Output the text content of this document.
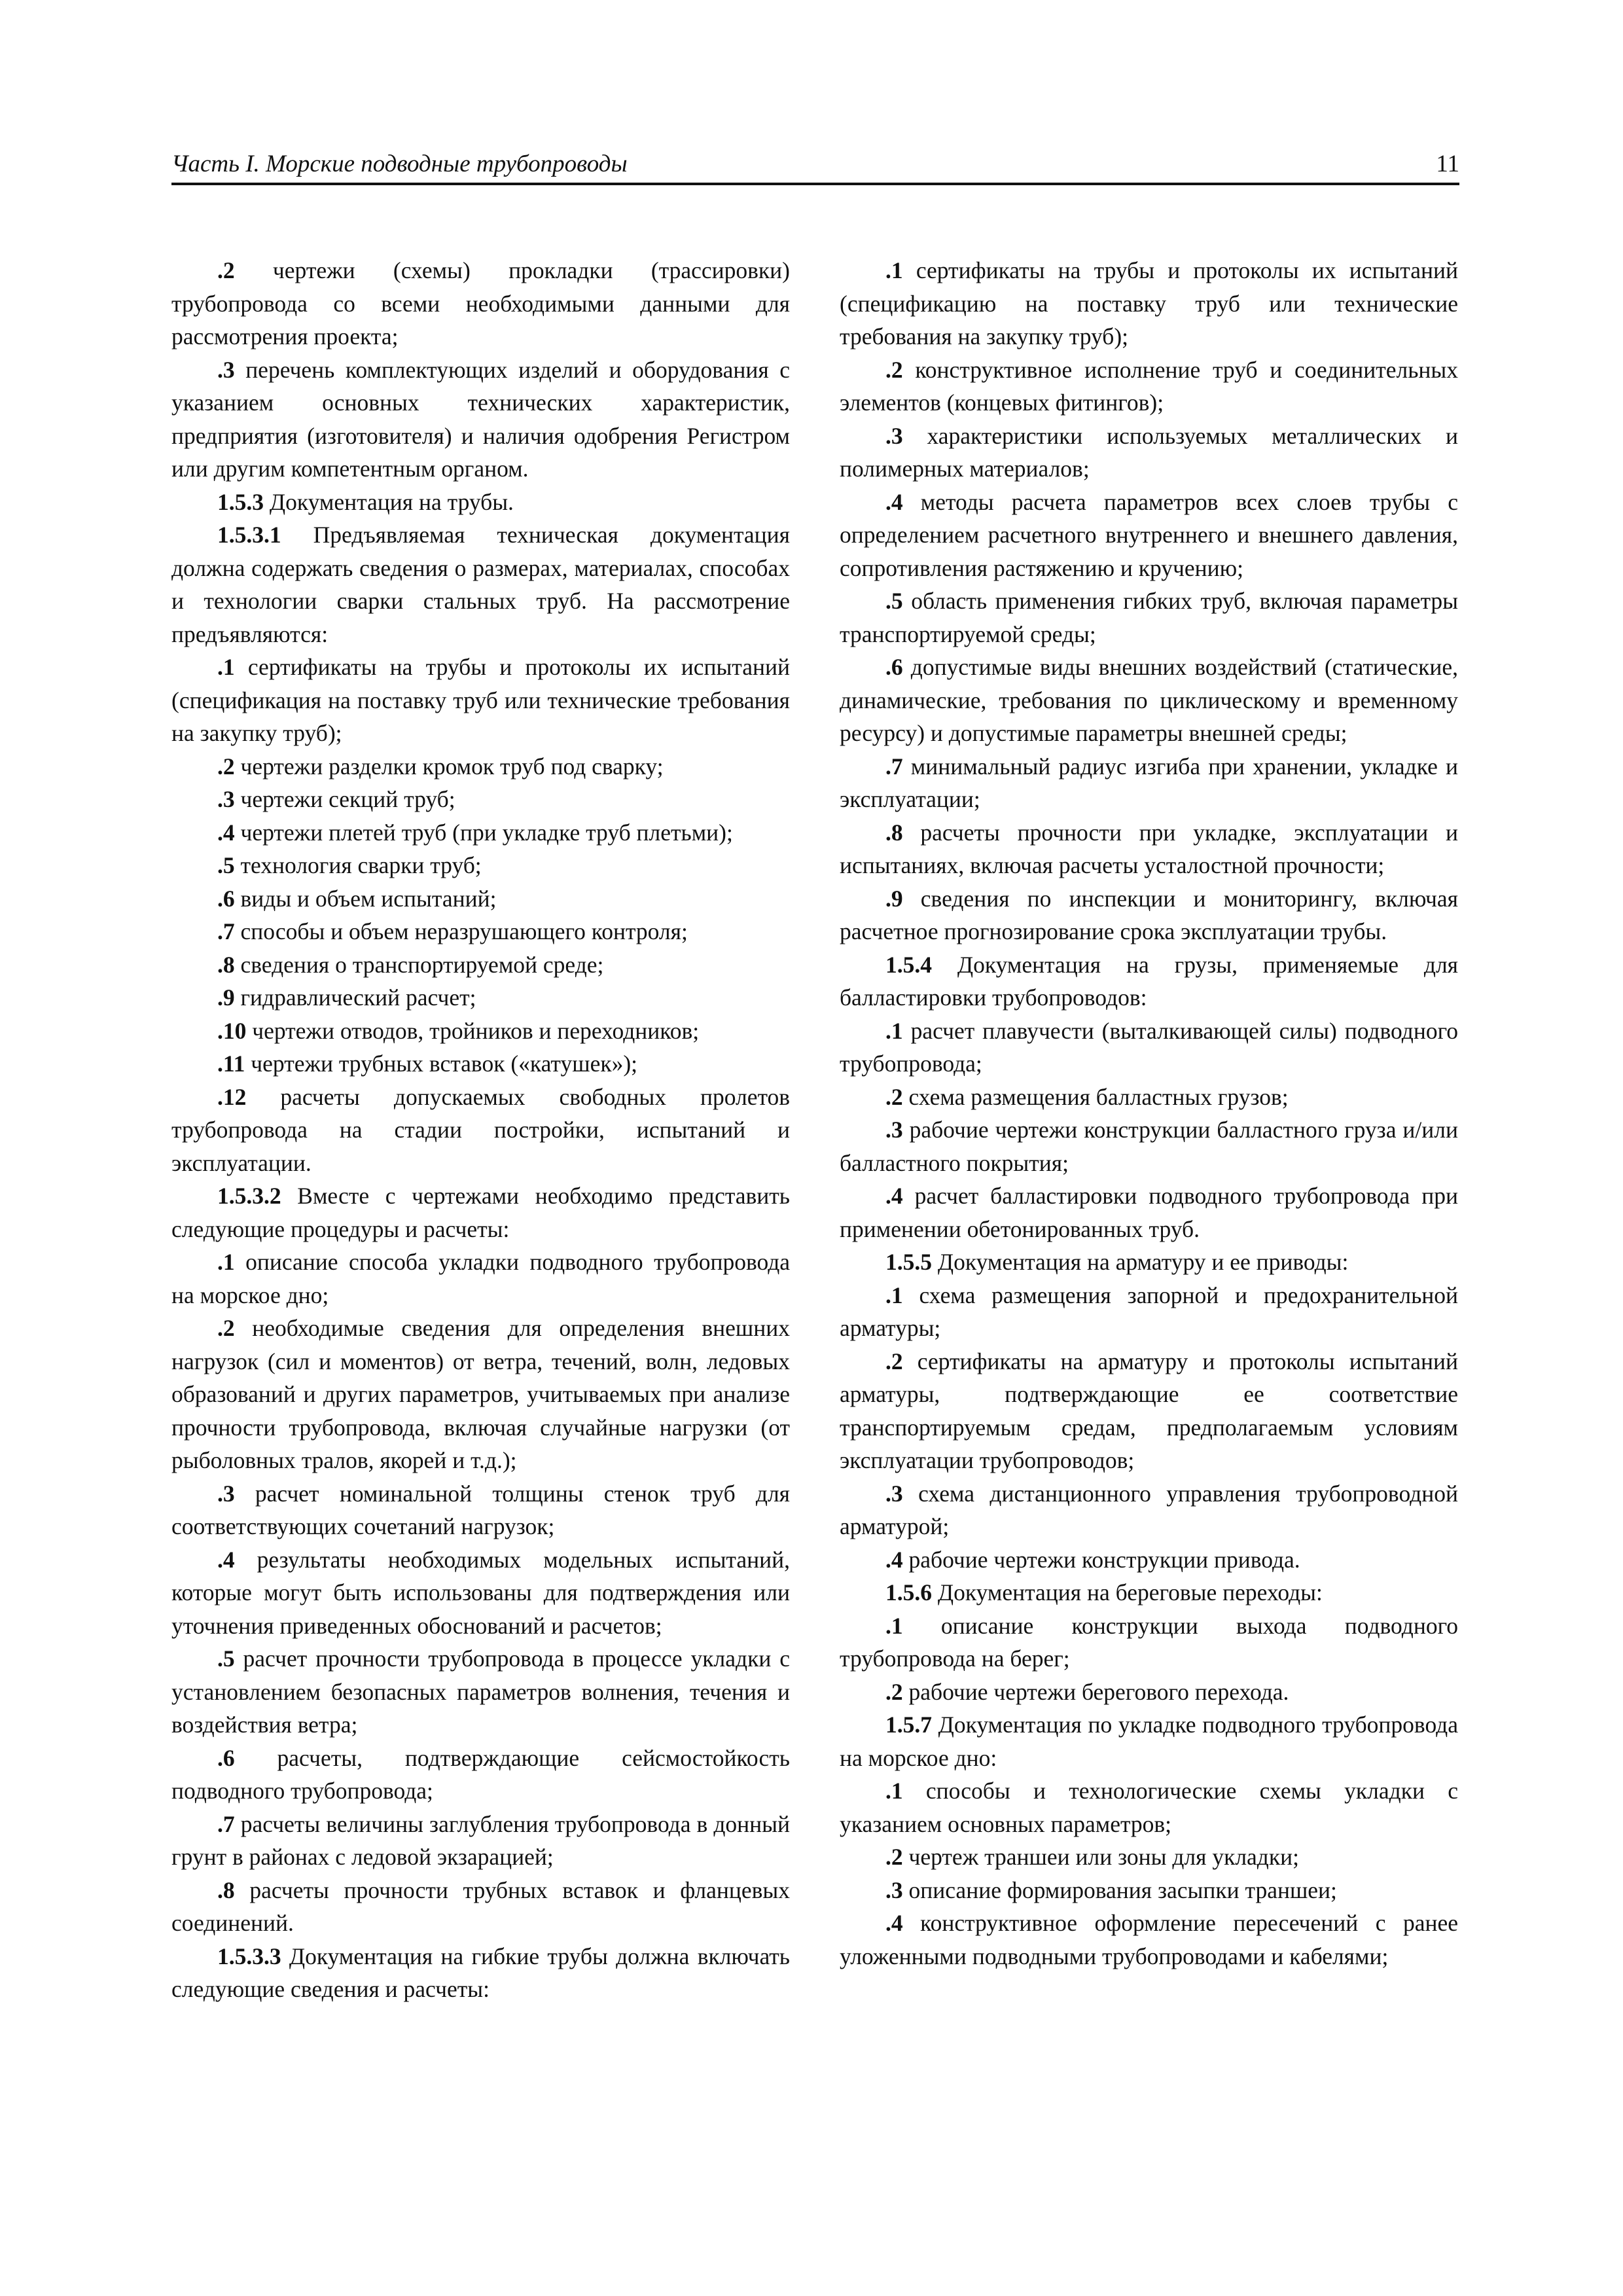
Часть I. Морские подводные трубопроводы	11

.2 чертежи (схемы) прокладки (трассировки) трубопровода со всеми необходимыми данными для рассмотрения проекта;

.3 перечень комплектующих изделий и оборудования с указанием основных технических характеристик, предприятия (изготовителя) и наличия одобрения Регистром или другим компетентным органом.

1.5.3 Документация на трубы.

1.5.3.1 Предъявляемая техническая документация должна содержать сведения о размерах, материалах, способах и технологии сварки стальных труб. На рассмотрение предъявляются:

.1 сертификаты на трубы и протоколы их испытаний (спецификация на поставку труб или технические требования на закупку труб);

.2 чертежи разделки кромок труб под сварку;

.3 чертежи секций труб;

.4 чертежи плетей труб (при укладке труб плетьми);

.5 технология сварки труб;

.6 виды и объем испытаний;

.7 способы и объем неразрушающего контроля;

.8 сведения о транспортируемой среде;

.9 гидравлический расчет;

.10 чертежи отводов, тройников и переходников;

.11 чертежи трубных вставок («катушек»);

.12 расчеты допускаемых свободных пролетов трубопровода на стадии постройки, испытаний и эксплуатации.

1.5.3.2 Вместе с чертежами необходимо представить следующие процедуры и расчеты:

.1 описание способа укладки подводного трубопровода на морское дно;

.2 необходимые сведения для определения внешних нагрузок (сил и моментов) от ветра, течений, волн, ледовых образований и других параметров, учитываемых при анализе прочности трубопровода, включая случайные нагрузки (от рыболовных тралов, якорей и т.д.);

.3 расчет номинальной толщины стенок труб для соответствующих сочетаний нагрузок;

.4 результаты необходимых модельных испытаний, которые могут быть использованы для подтверждения или уточнения приведенных обоснований и расчетов;

.5 расчет прочности трубопровода в процессе укладки с установлением безопасных параметров волнения, течения и воздействия ветра;

.6 расчеты, подтверждающие сейсмостойкость подводного трубопровода;

.7 расчеты величины заглубления трубопровода в донный грунт в районах с ледовой экзарацией;

.8 расчеты прочности трубных вставок и фланцевых соединений.

1.5.3.3 Документация на гибкие трубы должна включать следующие сведения и расчеты:

.1 сертификаты на трубы и протоколы их испытаний (спецификацию на поставку труб или технические требования на закупку труб);

.2 конструктивное исполнение труб и соединительных элементов (концевых фитингов);

.3 характеристики используемых металлических и полимерных материалов;

.4 методы расчета параметров всех слоев трубы с определением расчетного внутреннего и внешнего давления, сопротивления растяжению и кручению;

.5 область применения гибких труб, включая параметры транспортируемой среды;

.6 допустимые виды внешних воздействий (статические, динамические, требования по циклическому и временному ресурсу) и допустимые параметры внешней среды;

.7 минимальный радиус изгиба при хранении, укладке и эксплуатации;

.8 расчеты прочности при укладке, эксплуатации и испытаниях, включая расчеты усталостной прочности;

.9 сведения по инспекции и мониторингу, включая расчетное прогнозирование срока эксплуатации трубы.

1.5.4 Документация на грузы, применяемые для балластировки трубопроводов:

.1 расчет плавучести (выталкивающей силы) подводного трубопровода;

.2 схема размещения балластных грузов;

.3 рабочие чертежи конструкции балластного груза и/или балластного покрытия;

.4 расчет балластировки подводного трубопровода при применении обетонированных труб.

1.5.5 Документация на арматуру и ее приводы:

.1 схема размещения запорной и предохранительной арматуры;

.2 сертификаты на арматуру и протоколы испытаний арматуры, подтверждающие ее соответствие транспортируемым средам, предполагаемым условиям эксплуатации трубопроводов;

.3 схема дистанционного управления трубопроводной арматурой;

.4 рабочие чертежи конструкции привода.

1.5.6 Документация на береговые переходы:

.1 описание конструкции выхода подводного трубопровода на берег;

.2 рабочие чертежи берегового перехода.

1.5.7 Документация по укладке подводного трубопровода на морское дно:

.1 способы и технологические схемы укладки с указанием основных параметров;

.2 чертеж траншеи или зоны для укладки;

.3 описание формирования засыпки траншеи;

.4 конструктивное оформление пересечений с ранее уложенными подводными трубопроводами и кабелями;
